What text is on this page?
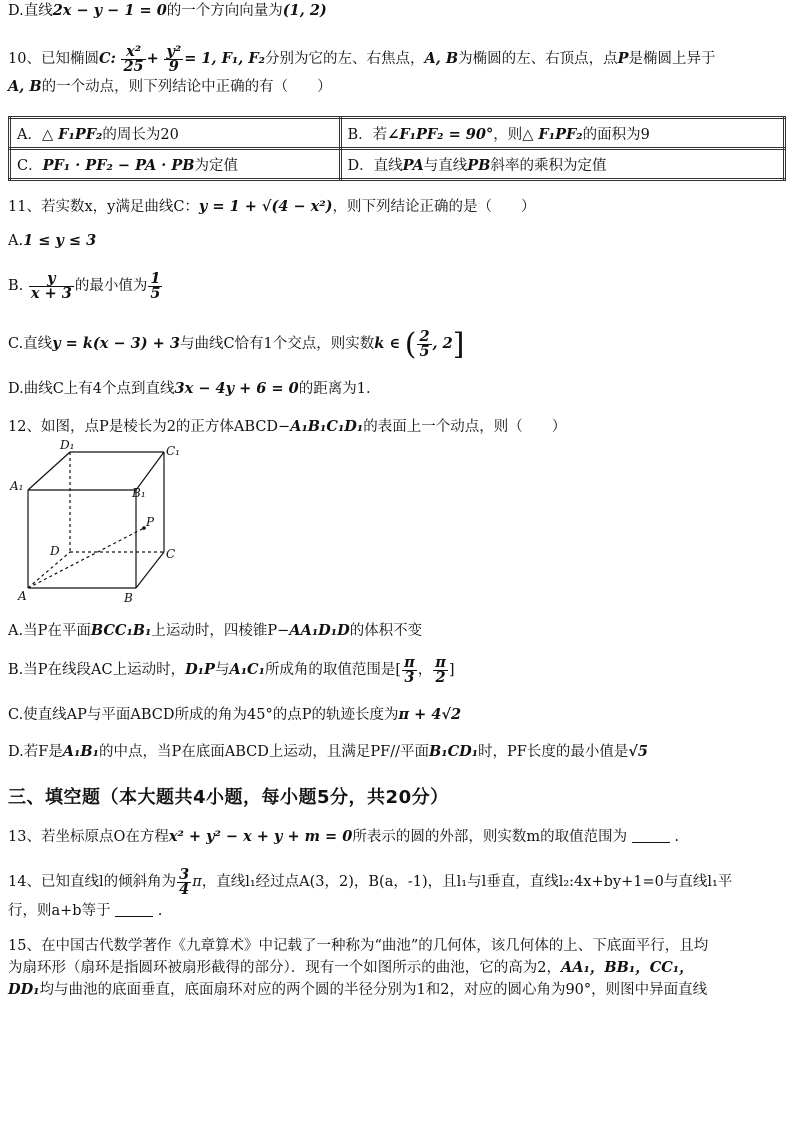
D.直线2x − y − 1 = 0的一个方向向量为(1, 2)
10、已知椭圆C: $\frac{\text{x²}}{25} + \frac{\text{y²}}{9} = 1$, F₁, F₂分别为它的左、右焦点，A, B为椭圆的左、右顶点，点P是椭圆上异于
A, B的一个动点，则下列结论中正确的有（　　）
A．△ F₁PF₂的周长为20	B．若∠F₁PF₂ = 90°，则△ F₁PF₂的面积为9
C．PF₁ · PF₂ − PA · PB为定值	D．直线PA与直线PB斜率的乘积为定值
11、若实数x，y满足曲线C：y = 1 + √(4 − x²)，则下列结论正确的是（　　）
A.1 ≤ y ≤ 3
B. $\frac{y}{x + 3}$ 的最小值为 $\frac{1}{5}$
C.直线y = k(x − 3) + 3与曲线C恰有1个交点，则实数k ∈ ( $\frac{2}{5}$ , 2]
D.曲线C上有4个点到直线3x − 4y + 6 = 0的距离为1.
12、如图，点P是棱长为2的正方体ABCD−A₁B₁C₁D₁的表面上一个动点，则（　　）
D₁	C₁
A₁	B₁
P
D	C
A	B
A.当P在平面BCC₁B₁上运动时，四棱锥P−AA₁D₁D的体积不变
B.当P在线段AC上运动时，D₁P与A₁C₁所成角的取值范围是[ $\frac{\pi}{3}$ ， $\frac{\pi}{2}$ ]
C.使直线AP与平面ABCD所成的角为45°的点P的轨迹长度为π + 4√2
D.若F是A₁B₁的中点，当P在底面ABCD上运动，且满足PF//平面B₁CD₁时，PF长度的最小值是√5
三、填空题（本大题共4小题，每小题5分，共20分）
13、若坐标原点O在方程x² + y² − x + y + m = 0所表示的圆的外部，则实数m的取值范围为	.
14、已知直线l的倾斜角为 $\frac{3}{4}$ π，直线l₁经过点A(3，2)，B(a，-1)，且l₁与l垂直，直线l₂:4x+by+1=0与直线l₁平
行，则a+b等于	.
15、在中国古代数学著作《九章算术》中记载了一种称为“曲池”的几何体，该几何体的上、下底面平行，且均
为扇环形（扇环是指圆环被扇形截得的部分）．现有一个如图所示的曲池，它的高为2，AA₁，BB₁，CC₁，
DD₁均与曲池的底面垂直，底面扇环对应的两个圆的半径分别为1和2，对应的圆心角为90°，则图中异面直线
